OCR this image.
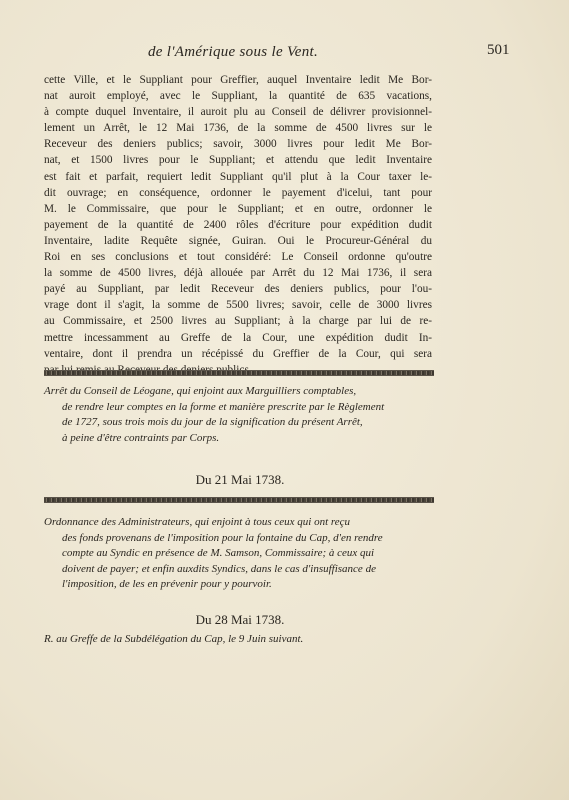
de l'Amérique sous le Vent.	501
cette Ville, et le Suppliant pour Greffier, auquel Inventaire ledit Me Bor-
nat auroit employé, avec le Suppliant, la quantité de 635 vacations,
à compte duquel Inventaire, il auroit plu au Conseil de délivrer provisionnel-
lement un Arrêt, le 12 Mai 1736, de la somme de 4500 livres sur le
Receveur des deniers publics; savoir, 3000 livres pour ledit Me Bor-
nat, et 1500 livres pour le Suppliant; et attendu que ledit Inventaire
est fait et parfait, requiert ledit Suppliant qu'il plut à la Cour taxer le-
dit ouvrage; en conséquence, ordonner le payement d'icelui, tant pour
M. le Commissaire, que pour le Suppliant; et en outre, ordonner le
payement de la quantité de 2400 rôles d'écriture pour expédition dudit
Inventaire, ladite Requête signée, Guiran. Oui le Procureur-Général du
Roi en ses conclusions et tout considéré: Le Conseil ordonne qu'outre
la somme de 4500 livres, déjà allouée par Arrêt du 12 Mai 1736, il sera
payé au Suppliant, par ledit Receveur des deniers publics, pour l'ou-
vrage dont il s'agit, la somme de 5500 livres; savoir, celle de 3000 livres
au Commissaire, et 2500 livres au Suppliant; à la charge par lui de re-
mettre incessamment au Greffe de la Cour, une expédition dudit In-
ventaire, dont il prendra un récépissé du Greffier de la Cour, qui sera
Arrêt du Conseil de Léogane, qui enjoint aux Marguilliers comptables,
de rendre leur comptes en la forme et manière prescrite par le Règlement
de 1727, sous trois mois du jour de la signification du présent Arrêt,
à peine d'être contraints par Corps.
Du 21 Mai 1738.
Ordonnance des Administrateurs, qui enjoint à tous ceux qui ont reçu
des fonds provenans de l'imposition pour la fontaine du Cap, d'en rendre
compte au Syndic en présence de M. Samson, Commissaire; à ceux qui
doivent de payer; et enfin auxdits Syndics, dans le cas d'insuffisance de
l'imposition, de les en prévenir pour y pourvoir.
Du 28 Mai 1738.
R. au Greffe de la Subdélégation du Cap, le 9 Juin suivant.
